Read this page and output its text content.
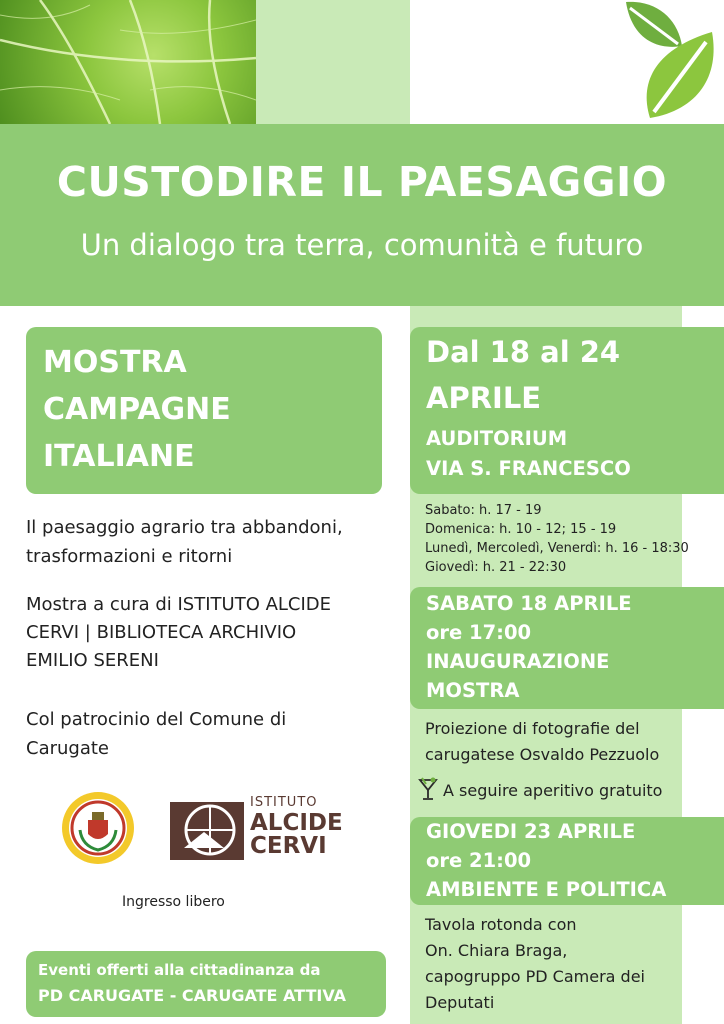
CUSTODIRE IL PAESAGGIO
Un dialogo tra terra, comunità e futuro
MOSTRA
CAMPAGNE
ITALIANE
Il paesaggio agrario tra abbandoni,
trasformazioni e ritorni
Mostra a cura di ISTITUTO ALCIDE
CERVI | BIBLIOTECA ARCHIVIO
EMILIO SERENI
Col patrocinio del Comune di
Carugate
ISTITUTO
ALCIDE
CERVI
Ingresso libero
Eventi offerti alla cittadinanza da
PD CARUGATE - CARUGATE ATTIVA
Dal 18 al 24
APRILE
AUDITORIUM
VIA S. FRANCESCO
Sabato: h. 17 - 19
Domenica: h. 10 - 12; 15 - 19
Lunedì, Mercoledì, Venerdì: h. 16 - 18:30
Giovedì: h. 21 - 22:30
SABATO 18 APRILE
ore 17:00
INAUGURAZIONE
MOSTRA
Proiezione di fotografie del
carugatese Osvaldo Pezzuolo
A seguire aperitivo gratuito
GIOVEDI 23 APRILE
ore 21:00
AMBIENTE E POLITICA
Tavola rotonda con
On. Chiara Braga,
capogruppo PD Camera dei
Deputati
